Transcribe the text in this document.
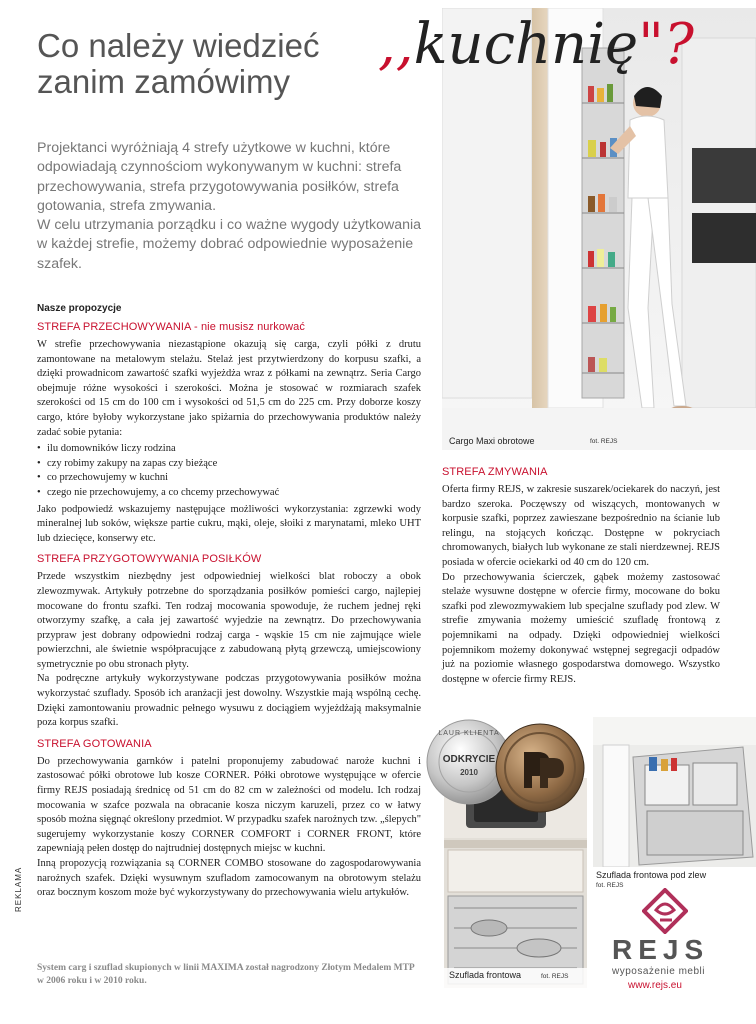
Co należy wiedzieć
zanim zamówimy
,,kuchnię"?

Projektanci wyróżniają 4 strefy użytkowe w kuchni, które odpowiadają czynnościom wykonywanym w kuchni: strefa przechowywania, strefa przygotowywania posiłków, strefa gotowania, strefa zmywania.

W celu utrzymania porządku i co ważne wygody użytkowania w każdej strefie, możemy dobrać odpowiednie wyposażenie szafek.

Nasze propozycje
STREFA PRZECHOWYWANIA - nie musisz nurkować

W strefie przechowywania niezastąpione okazują się carga, czyli półki z drutu zamontowane na metalowym stelażu. Stelaż jest przytwierdzony do korpusu szafki, a dzięki prowadnicom zawartość szafki wyjeżdża wraz z półkami na zewnątrz. Seria Cargo obejmuje różne wysokości i szerokości. Można je stosować w rozmiarach szafek szerokości od 15 cm do 100 cm i wysokości od 51,5 cm do 225 cm. Przy doborze koszy cargo, które byłoby wykorzystane jako spiżarnia do przechowywania produktów należy zadać sobie pytania:

• ilu domowników liczy rodzina
• czy robimy zakupy na zapas czy bieżące
• co przechowujemy w kuchni
• czego nie przechowujemy, a co chcemy przechowywać

Jako podpowiedź wskazujemy następujące możliwości wykorzystania: zgrzewki wody mineralnej lub soków, większe partie cukru, mąki, oleje, słoiki z marynatami, mleko UHT lub dziecięce, konserwy etc.

STREFA PRZYGOTOWYWANIA POSIŁKÓW

Przede wszystkim niezbędny jest odpowiedniej wielkości blat roboczy a obok zlewozmywak. Artykuły potrzebne do sporządzania posiłków pomieści cargo, najlepiej mocowane do frontu szafki. Ten rodzaj mocowania spowoduje, że ruchem jednej ręki otworzymy szafkę, a cała jej zawartość wyjedzie na zewnątrz. Do przechowywania przypraw jest dobrany odpowiedni rodzaj carga - wąskie 15 cm nie zajmujące wiele powierzchni, ale świetnie współpracujące z zabudowaną płytą grzewczą, umiejscowiony symetrycznie po obu stronach płyty.

Na podręczne artykuły wykorzystywane podczas przygotowywania posiłków można wykorzystać szuflady. Sposób ich aranżacji jest dowolny. Wszystkie mają wspólną cechę. Dzięki zamontowaniu prowadnic pełnego wysuwu z dociągiem wyjeżdżają maksymalnie poza korpus szafki.

STREFA GOTOWANIA

Do przechowywania garnków i patelni proponujemy zabudować naroże kuchni i zastosować półki obrotowe lub kosze CORNER. Półki obrotowe występujące w ofercie firmy REJS posiadają średnicę od 51 cm do 82 cm w zależności od modelu. Ich rodzaj mocowania w szafce pozwala na obracanie kosza niczym karuzeli, przez co w łatwy sposób można sięgnąć określony przedmiot. W przypadku szafek narożnych tzw. „ślepych" sugerujemy wykorzystanie koszy CORNER COMFORT i CORNER FRONT, które zapewniają pełen dostęp do najtrudniej dostępnych miejsc w kuchni.

Inną propozycją rozwiązania są CORNER COMBO stosowane do zagospodarowywania narożnych szafek. Dzięki wysuwnym szufladom zamocowanym na obrotowym stelażu oraz bocznym koszom może być wykorzystywany do przechowywania wielu artykułów.

Cargo Maxi obrotowe	fot. REJS
STREFA ZMYWANIA

Oferta firmy REJS, w zakresie suszarek/ociekarek do naczyń, jest bardzo szeroka. Poczęwszy od wiszących, montowanych w korpusie szafki, poprzez zawieszane bezpośrednio na ścianie lub relingu, na stojących kończąc. Dostępne w pokryciach chromowanych, białych lub wykonane ze stali nierdzewnej. REJS posiada w ofercie ociekarki od 40 cm do 120 cm.

Do przechowywania ścierczek, gąbek możemy zastosować stelaże wysuwne dostępne w ofercie firmy, mocowane do boku szafki pod zlewozmywakiem lub specjalne szuflady pod zlew. W strefie zmywania możemy umieścić szufladę frontową z pojemnikami na odpady. Dzięki odpowiedniej wielkości pojemnikom możemy dokonywać wstępnej segregacji odpadów już na poziomie własnego gospodarstwa domowego. Wszystko dostępne w ofercie firmy REJS.

Szuflada frontowa	fot. REJS
Szuflada frontowa pod zlew
fot. REJS
LAUR KLIENTA
ODKRYCIE
2010
System carg i szuflad skupionych w linii MAXIMA został nagrodzony Złotym Medalem MTP w 2006 roku i w 2010 roku.
REKLAMA
REJS
wyposażenie mebli
www.rejs.eu
